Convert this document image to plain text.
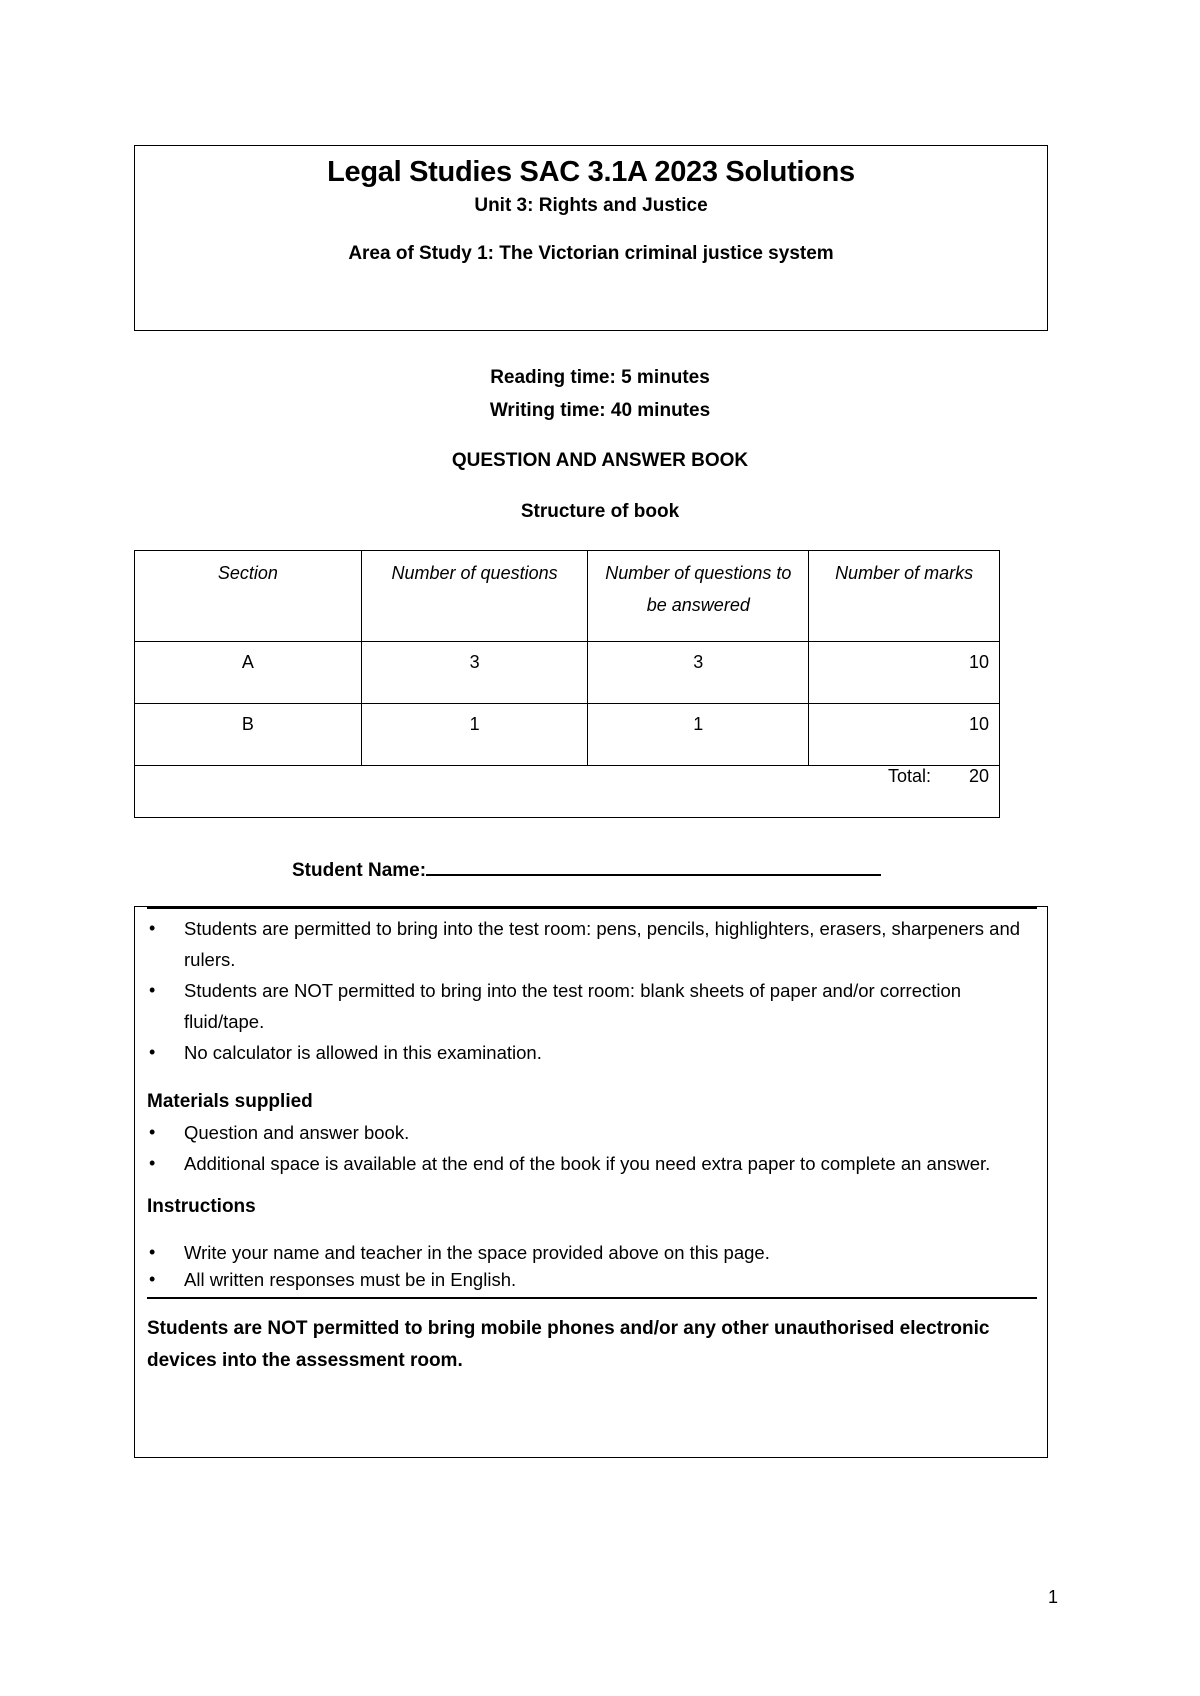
Legal Studies SAC 3.1A 2023 Solutions
Unit 3: Rights and Justice
Area of Study 1: The Victorian criminal justice system
Reading time: 5 minutes
Writing time: 40 minutes
QUESTION AND ANSWER BOOK
Structure of book
Section	Number of questions	Number of questions to be answered	Number of marks
A	3	3	10
B	1	1	10
Total: 20			
Student Name:
• Students are permitted to bring into the test room: pens, pencils, highlighters, erasers, sharpeners and rulers.
• Students are NOT permitted to bring into the test room: blank sheets of paper and/or correction fluid/tape.
• No calculator is allowed in this examination.
Materials supplied
• Question and answer book.
• Additional space is available at the end of the book if you need extra paper to complete an answer.
Instructions
• Write your name and teacher in the space provided above on this page.
• All written responses must be in English.
Students are NOT permitted to bring mobile phones and/or any other unauthorised electronic devices into the assessment room.
1
